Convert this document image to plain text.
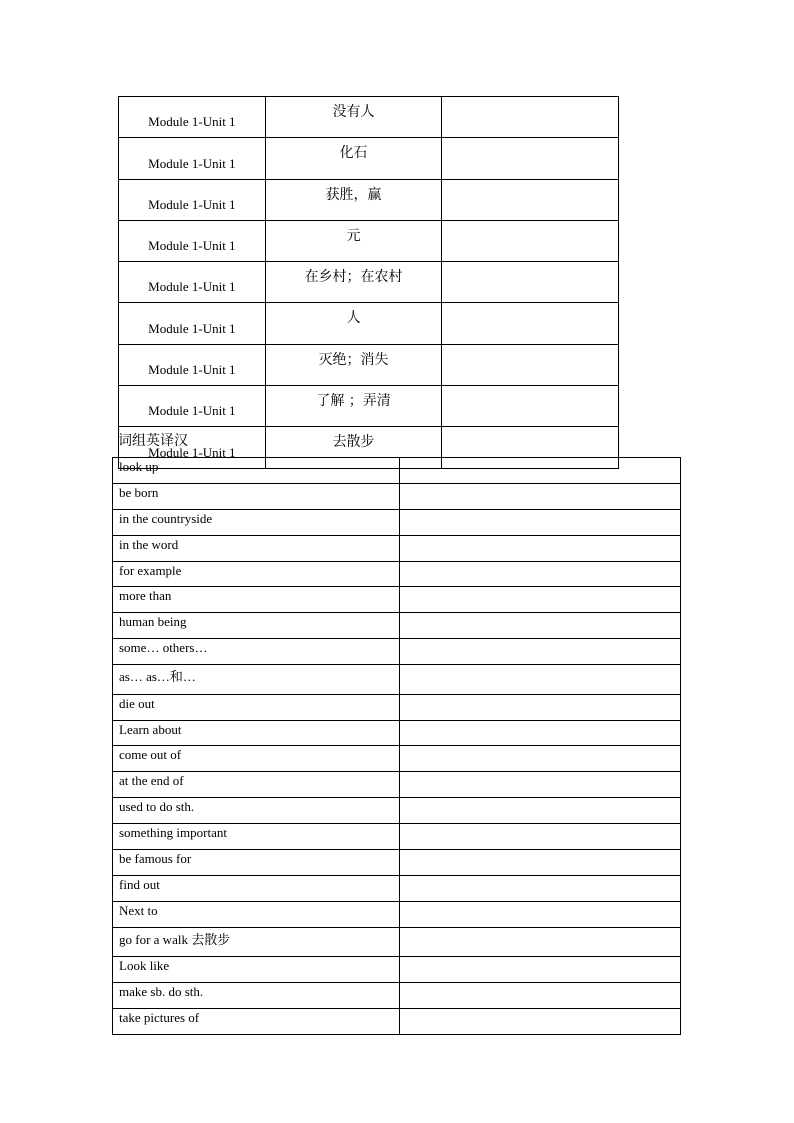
Module 1-Unit 1	没有人	
Module 1-Unit 1	化石	
Module 1-Unit 1	获胜，赢	
Module 1-Unit 1	元	
Module 1-Unit 1	在乡村；在农村	
Module 1-Unit 1	人	
Module 1-Unit 1	灭绝；消失	
Module 1-Unit 1	了解 ；弄清	
Module 1-Unit 1	去散步	
词组英译汉
look up	
be born	
in the countryside	
in the word	
for example	
more than	
human being	
some… others…	
as… as…和…	
die out	
Learn about	
come out of	
at the end of	
used to do sth.	
something important	
be famous for	
find out	
Next to	
go for a walk 去散步	
Look like	
make sb. do sth.	
take pictures of	
